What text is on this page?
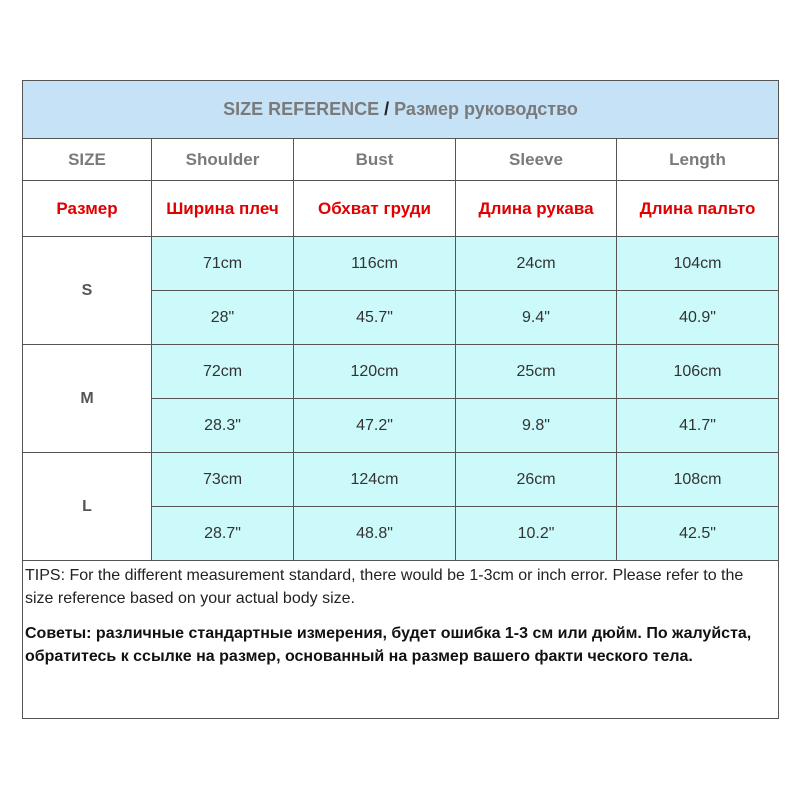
SIZE REFERENCE / Размер руководство				
SIZE	Shoulder	Bust	Sleeve	Length
Размер	Ширина плеч	Обхват груди	Длина рукава	Длина пальто
S	71cm	116cm	24cm	104cm
	28"	45.7"	9.4"	40.9"
M	72cm	120cm	25cm	106cm
	28.3"	47.2"	9.8"	41.7"
L	73cm	124cm	26cm	108cm
	28.7"	48.8"	10.2"	42.5"

TIPS: For the different measurement standard, there would be 1-3cm or inch error. Please refer to the size reference based on your actual body size.
Советы: различные стандартные измерения, будет ошибка 1-3 см или дюйм. По жалуйста, обратитесь к ссылке на размер, основанный на размер вашего факти ческого тела.				
